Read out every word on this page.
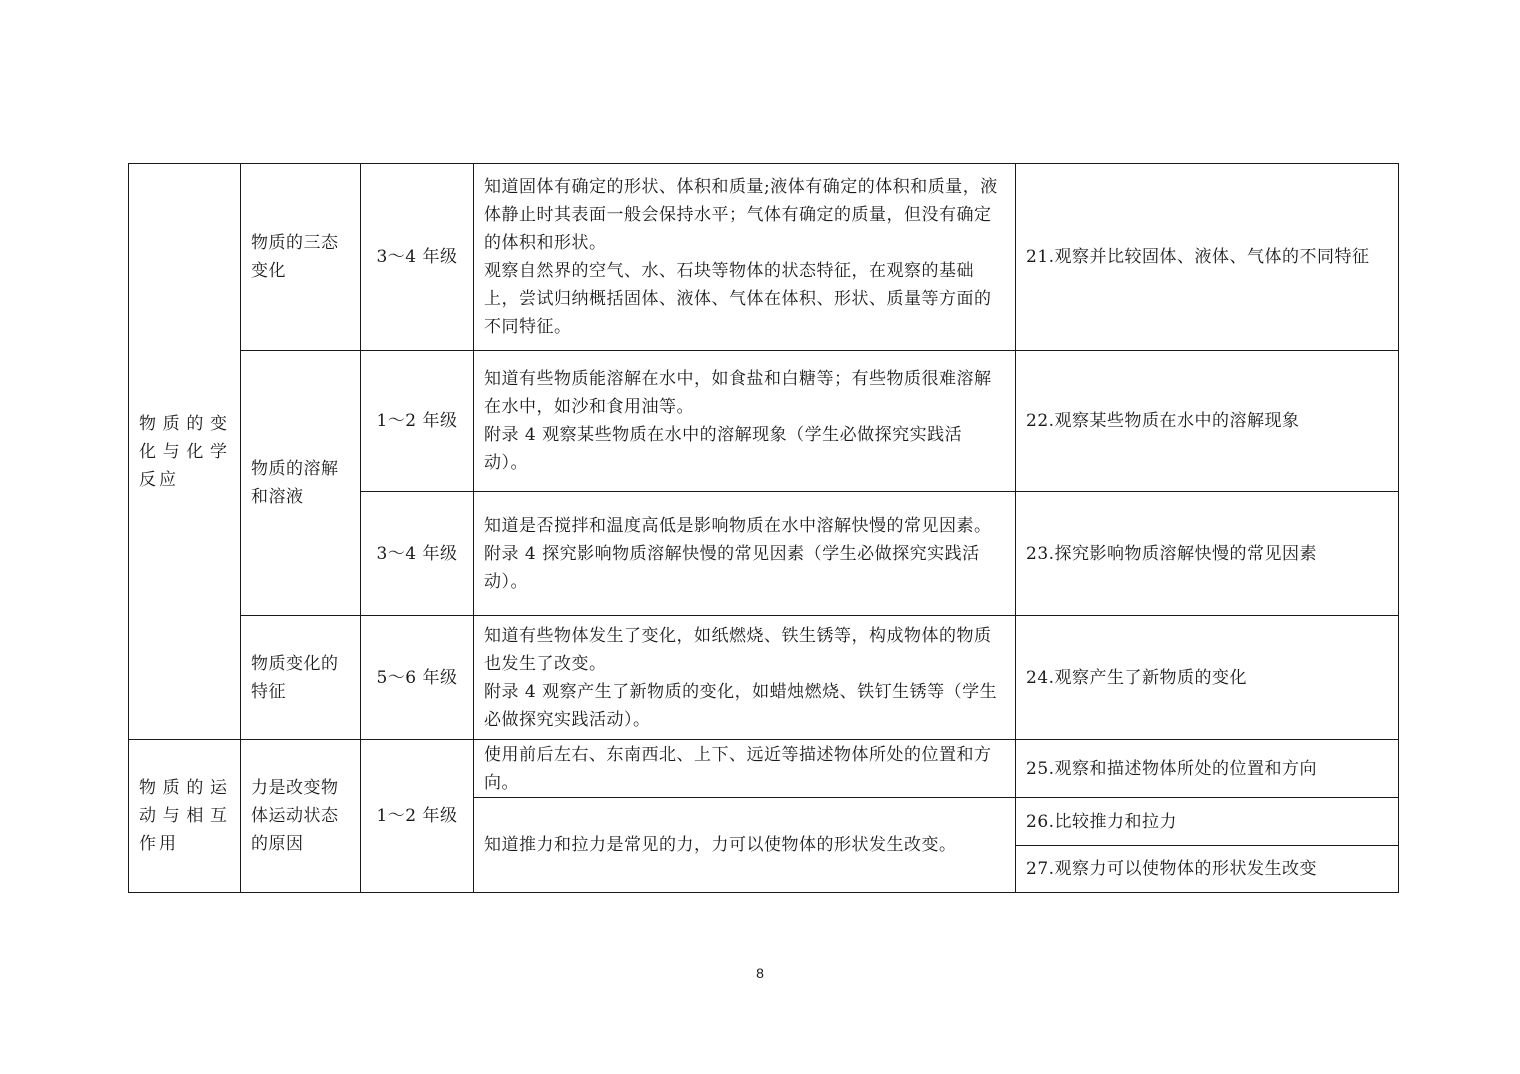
物质的变化与化学反应	物质的三态变化	3～4 年级	知道固体有确定的形状、体积和质量;液体有确定的体积和质量，液体静止时其表面一般会保持水平；气体有确定的质量，但没有确定的体积和形状。

观察自然界的空气、水、石块等物体的状态特征，在观察的基础上，尝试归纳概括固体、液体、气体在体积、形状、质量等方面的不同特征。	21.观察并比较固体、液体、气体的不同特征
	物质的溶解和溶液	1～2 年级	知道有些物质能溶解在水中，如食盐和白糖等；有些物质很难溶解在水中，如沙和食用油等。

附录 4 观察某些物质在水中的溶解现象（学生必做探究实践活动）。	22.观察某些物质在水中的溶解现象
		3～4 年级	知道是否搅拌和温度高低是影响物质在水中溶解快慢的常见因素。

附录 4 探究影响物质溶解快慢的常见因素（学生必做探究实践活动）。	23.探究影响物质溶解快慢的常见因素
	物质变化的特征	5～6 年级	知道有些物体发生了变化，如纸燃烧、铁生锈等，构成物体的物质也发生了改变。

附录 4 观察产生了新物质的变化，如蜡烛燃烧、铁钉生锈等（学生必做探究实践活动）。	24.观察产生了新物质的变化
物质的运动与相互作用	力是改变物体运动状态的原因	1～2 年级	使用前后左右、东南西北、上下、远近等描述物体所处的位置和方向。	25.观察和描述物体所处的位置和方向

			知道推力和拉力是常见的力，力可以使物体的形状发生改变。	26.比较推力和拉力
				27.观察力可以使物体的形状发生改变
8
